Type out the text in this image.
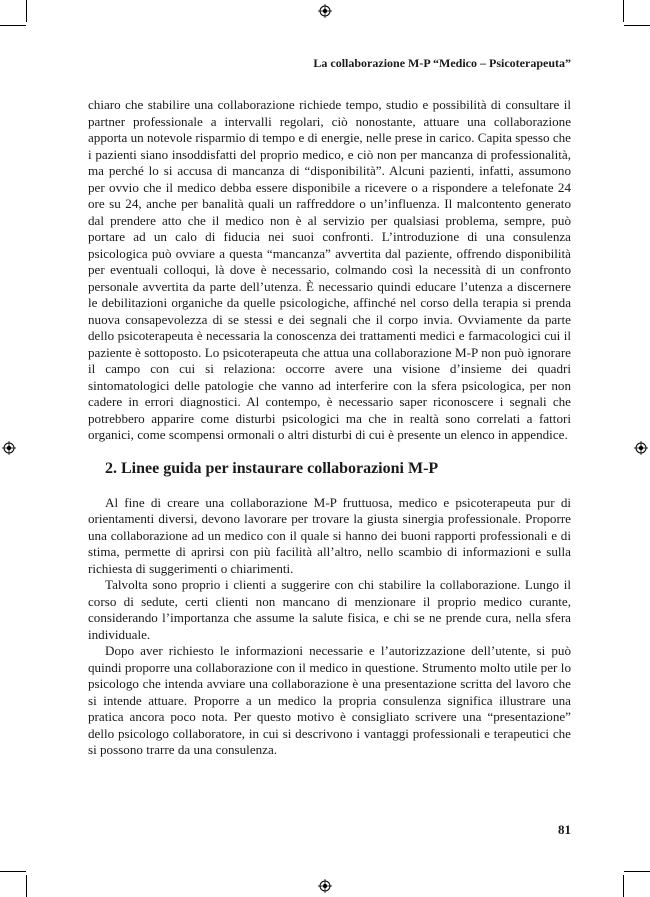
La collaborazione M-P “Medico – Psicoterapeuta”

chiaro che stabilire una collaborazione richiede tempo, studio e possibilità di consultare il partner professionale a intervalli regolari, ciò nonostante, attuare una collaborazione apporta un notevole risparmio di tempo e di energie, nelle prese in carico. Capita spesso che i pazienti siano insoddisfatti del proprio medico, e ciò non per mancanza di professionalità, ma perché lo si accusa di mancanza di “disponibilità”. Alcuni pazienti, infatti, assumono per ovvio che il medico debba essere disponibile a ricevere o a rispondere a telefonate 24 ore su 24, anche per banalità quali un raffreddore o un’influenza. Il malcontento generato dal prendere atto che il medico non è al servizio per qualsiasi problema, sempre, può portare ad un calo di fiducia nei suoi confronti. L’introduzione di una consulenza psicologica può ovviare a questa “mancanza” avvertita dal paziente, offrendo disponibilità per eventuali colloqui, là dove è necessario, colmando così la necessità di un confronto personale avvertita da parte dell’utenza. È necessario quindi educare l’utenza a discernere le debilitazioni organiche da quelle psicologiche, affinché nel corso della terapia si prenda nuova consapevolezza di se stessi e dei segnali che il corpo invia. Ovviamente da parte dello psicoterapeuta è necessaria la conoscenza dei trattamenti medici e farmacologici cui il paziente è sottoposto. Lo psicoterapeuta che attua una collaborazione M-P non può ignorare il campo con cui si relaziona: occorre avere una visione d’insieme dei quadri sintomatologici delle patologie che vanno ad interferire con la sfera psicologica, per non cadere in errori diagnostici. Al contempo, è necessario saper riconoscere i segnali che potrebbero apparire come disturbi psicologici ma che in realtà sono correlati a fattori organici, come scompensi ormonali o altri disturbi di cui è presente un elenco in appendice.

2. Linee guida per instaurare collaborazioni M-P

Al fine di creare una collaborazione M-P fruttuosa, medico e psicoterapeuta pur di orientamenti diversi, devono lavorare per trovare la giusta sinergia professionale. Proporre una collaborazione ad un medico con il quale si hanno dei buoni rapporti professionali e di stima, permette di aprirsi con più facilità all’altro, nello scambio di informazioni e sulla richiesta di suggerimenti o chiarimenti.

Talvolta sono proprio i clienti a suggerire con chi stabilire la collaborazione. Lungo il corso di sedute, certi clienti non mancano di menzionare il proprio medico curante, considerando l’importanza che assume la salute fisica, e chi se ne prende cura, nella sfera individuale.

Dopo aver richiesto le informazioni necessarie e l’autorizzazione dell’utente, si può quindi proporre una collaborazione con il medico in questione. Strumento molto utile per lo psicologo che intenda avviare una collaborazione è una presentazione scritta del lavoro che si intende attuare. Proporre a un medico la propria consulenza significa illustrare una pratica ancora poco nota. Per questo motivo è consigliato scrivere una “presentazione” dello psicologo collaboratore, in cui si descrivono i vantaggi professionali e terapeutici che si possono trarre da una consulenza.

81
